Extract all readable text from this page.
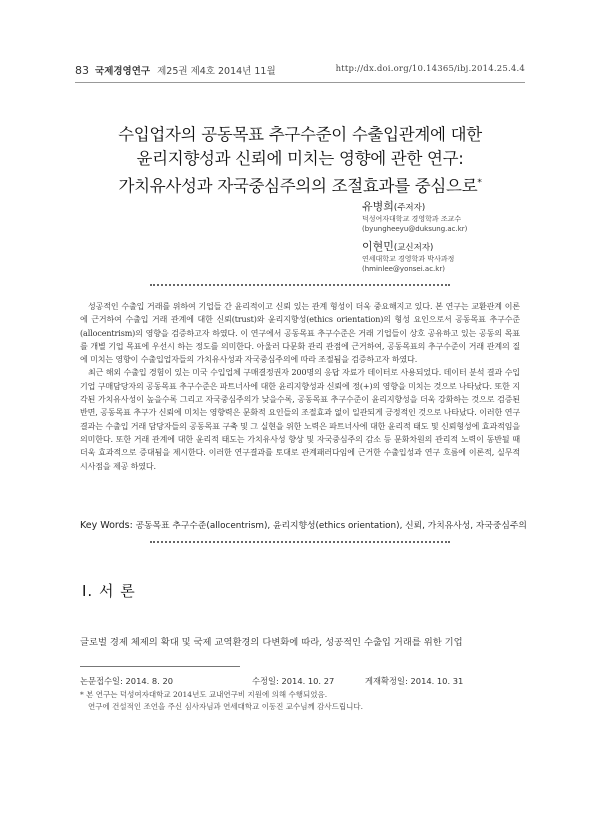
83 국제경영연구 제25권 제4호 2014년 11월	http://dx.doi.org/10.14365/ibj.2014.25.4.4
수입업자의 공동목표 추구수준이 수출입관계에 대한
윤리지향성과 신뢰에 미치는 영향에 관한 연구:
가치유사성과 자국중심주의의 조절효과를 중심으로*
유병희(주저자)
덕성여자대학교 경영학과 조교수
(byungheeyu@duksung.ac.kr)
이현민(교신저자)
연세대학교 경영학과 박사과정
(hminlee@yonsei.ac.kr)

성공적인 수출입 거래를 위하여 기업들 간 윤리적이고 신뢰 있는 관계 형성이 더욱 중요해지고 있다. 본 연구는 교환관계 이론에 근거하여 수출입 거래 관계에 대한 신뢰(trust)와 윤리지향성(ethics orientation)의 형성 요인으로서 공동목표 추구수준(allocentrism)의 영향을 검증하고자 하였다. 이 연구에서 공동목표 추구수준은 거래 기업들이 상호 공유하고 있는 공동의 목표를 개별 기업 목표에 우선시 하는 정도를 의미한다. 아울러 다문화 관리 관점에 근거하여, 공동목표의 추구수준이 거래 관계의 질에 미치는 영향이 수출입업자들의 가치유사성과 자국중심주의에 따라 조절됨을 검증하고자 하였다.

최근 해외 수출입 경험이 있는 미국 수입업체 구매결정권자 200명의 응답 자료가 데이터로 사용되었다. 데이터 분석 결과 수입기업 구매담당자의 공동목표 추구수준은 파트너사에 대한 윤리지향성과 신뢰에 정(+)의 영향을 미치는 것으로 나타났다. 또한 지각된 가치유사성이 높을수록 그리고 자국중심주의가 낮을수록, 공동목표 추구수준이 윤리지향성을 더욱 강화하는 것으로 검증된 반면, 공동목표 추구가 신뢰에 미치는 영향력은 문화적 요인들의 조절효과 없이 일관되게 긍정적인 것으로 나타났다. 이러한 연구결과는 수출입 거래 담당자들의 공동목표 구축 및 그 실현을 위한 노력은 파트너사에 대한 윤리적 태도 및 신뢰형성에 효과적임을 의미한다. 또한 거래 관계에 대한 윤리적 태도는 가치유사성 향상 및 자국중심주의 감소 등 문화차원의 관리적 노력이 동반될 때 더욱 효과적으로 증대됨을 제시한다. 이러한 연구결과를 토대로 관계패러다임에 근거한 수출입성과 연구 흐름에 이론적, 실무적 시사점을 제공 하였다.

Key Words: 공동목표 추구수준(allocentrism), 윤리지향성(ethics orientation), 신뢰, 가치유사성, 자국중심주의
Ⅰ. 서 론
글로벌 경제 체제의 확대 및 국제 교역환경의 다변화에 따라, 성공적인 수출입 거래를 위한 기업
논문접수일: 2014. 8. 20	수정일: 2014. 10. 27	게재확정일: 2014. 10. 31
* 본 연구는 덕성여자대학교 2014년도 교내연구비 지원에 의해 수행되었음.
연구에 건설적인 조언을 주신 심사자님과 연세대학교 이동진 교수님께 감사드립니다.
